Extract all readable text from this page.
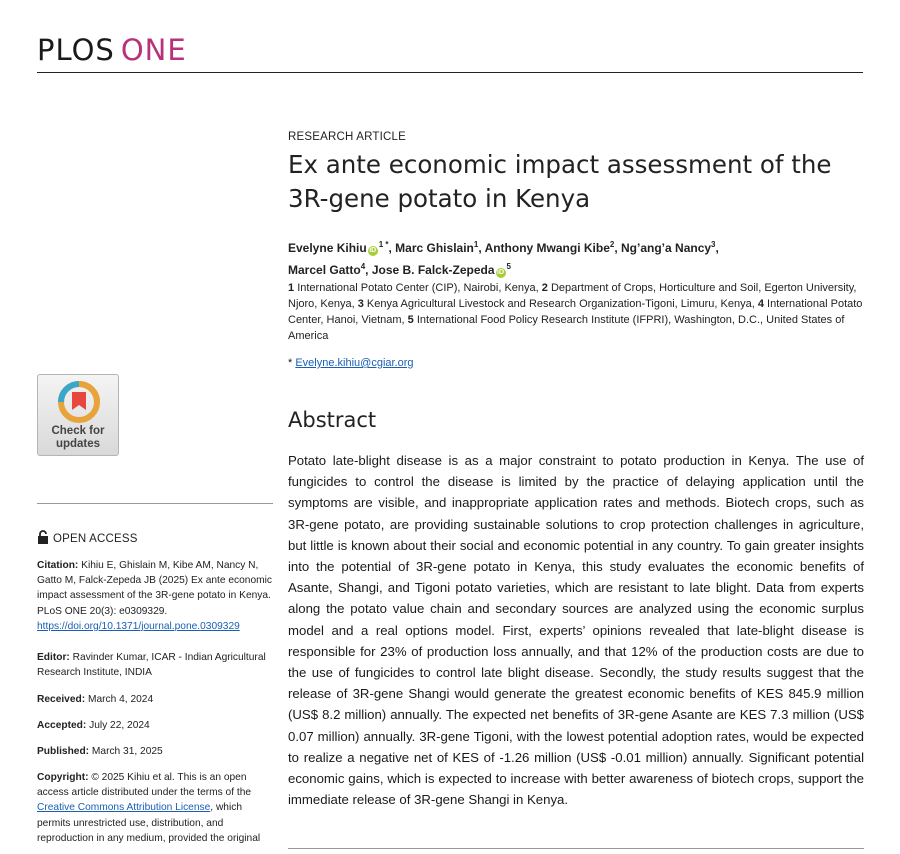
PLOS ONE
Check for
updates
OPEN ACCESS
Citation: Kihiu E, Ghislain M, Kibe AM, Nancy N, Gatto M, Falck-Zepeda JB (2025) Ex ante economic impact assessment of the 3R-gene potato in Kenya. PLoS ONE 20(3): e0309329. https://doi.org/10.1371/journal.pone.0309329
Editor: Ravinder Kumar, ICAR - Indian Agricultural Research Institute, INDIA
Received: March 4, 2024
Accepted: July 22, 2024
Published: March 31, 2025
Copyright: © 2025 Kihiu et al. This is an open access article distributed under the terms of the Creative Commons Attribution License, which permits unrestricted use, distribution, and reproduction in any medium, provided the original
RESEARCH ARTICLE
Ex ante economic impact assessment of the 3R-gene potato in Kenya
Evelyne Kihiu $iD^{1 *}$, Marc Ghislain$^1$, Anthony Mwangi Kibe$^2$, Ng’ang’a Nancy$^3$,
Marcel Gatto$^4$, Jose B. Falck-Zepeda $iD^5$
1 International Potato Center (CIP), Nairobi, Kenya, 2 Department of Crops, Horticulture and Soil, Egerton University, Njoro, Kenya, 3 Kenya Agricultural Livestock and Research Organization-Tigoni, Limuru, Kenya, 4 International Potato Center, Hanoi, Vietnam, 5 International Food Policy Research Institute (IFPRI), Washington, D.C., United States of America
* Evelyne.kihiu@cgiar.org
Abstract
Potato late-blight disease is as a major constraint to potato production in Kenya. The use of fungicides to control the disease is limited by the practice of delaying application until the symptoms are visible, and inappropriate application rates and methods. Biotech crops, such as 3R-gene potato, are providing sustainable solutions to crop protection challenges in agriculture, but little is known about their social and economic potential in any country. To gain greater insights into the potential of 3R-gene potato in Kenya, this study evaluates the economic benefits of Asante, Shangi, and Tigoni potato varieties, which are resistant to late blight. Data from experts along the potato value chain and secondary sources are analyzed using the economic surplus model and a real options model. First, experts’ opinions revealed that late-blight disease is responsible for 23% of production loss annually, and that 12% of the production costs are due to the use of fungicides to control late blight disease. Secondly, the study results suggest that the release of 3R-gene Shangi would generate the greatest economic benefits of KES 845.9 million (US$ 8.2 million) annually. The expected net benefits of 3R-gene Asante are KES 7.3 million (US$ 0.07 million) annually. 3R-gene Tigoni, with the lowest potential adoption rates, would be expected to realize a negative net of KES of -1.26 million (US$ -0.01 million) annually. Significant potential economic gains, which is expected to increase with better awareness of biotech crops, support the immediate release of 3R-gene Shangi in Kenya.
